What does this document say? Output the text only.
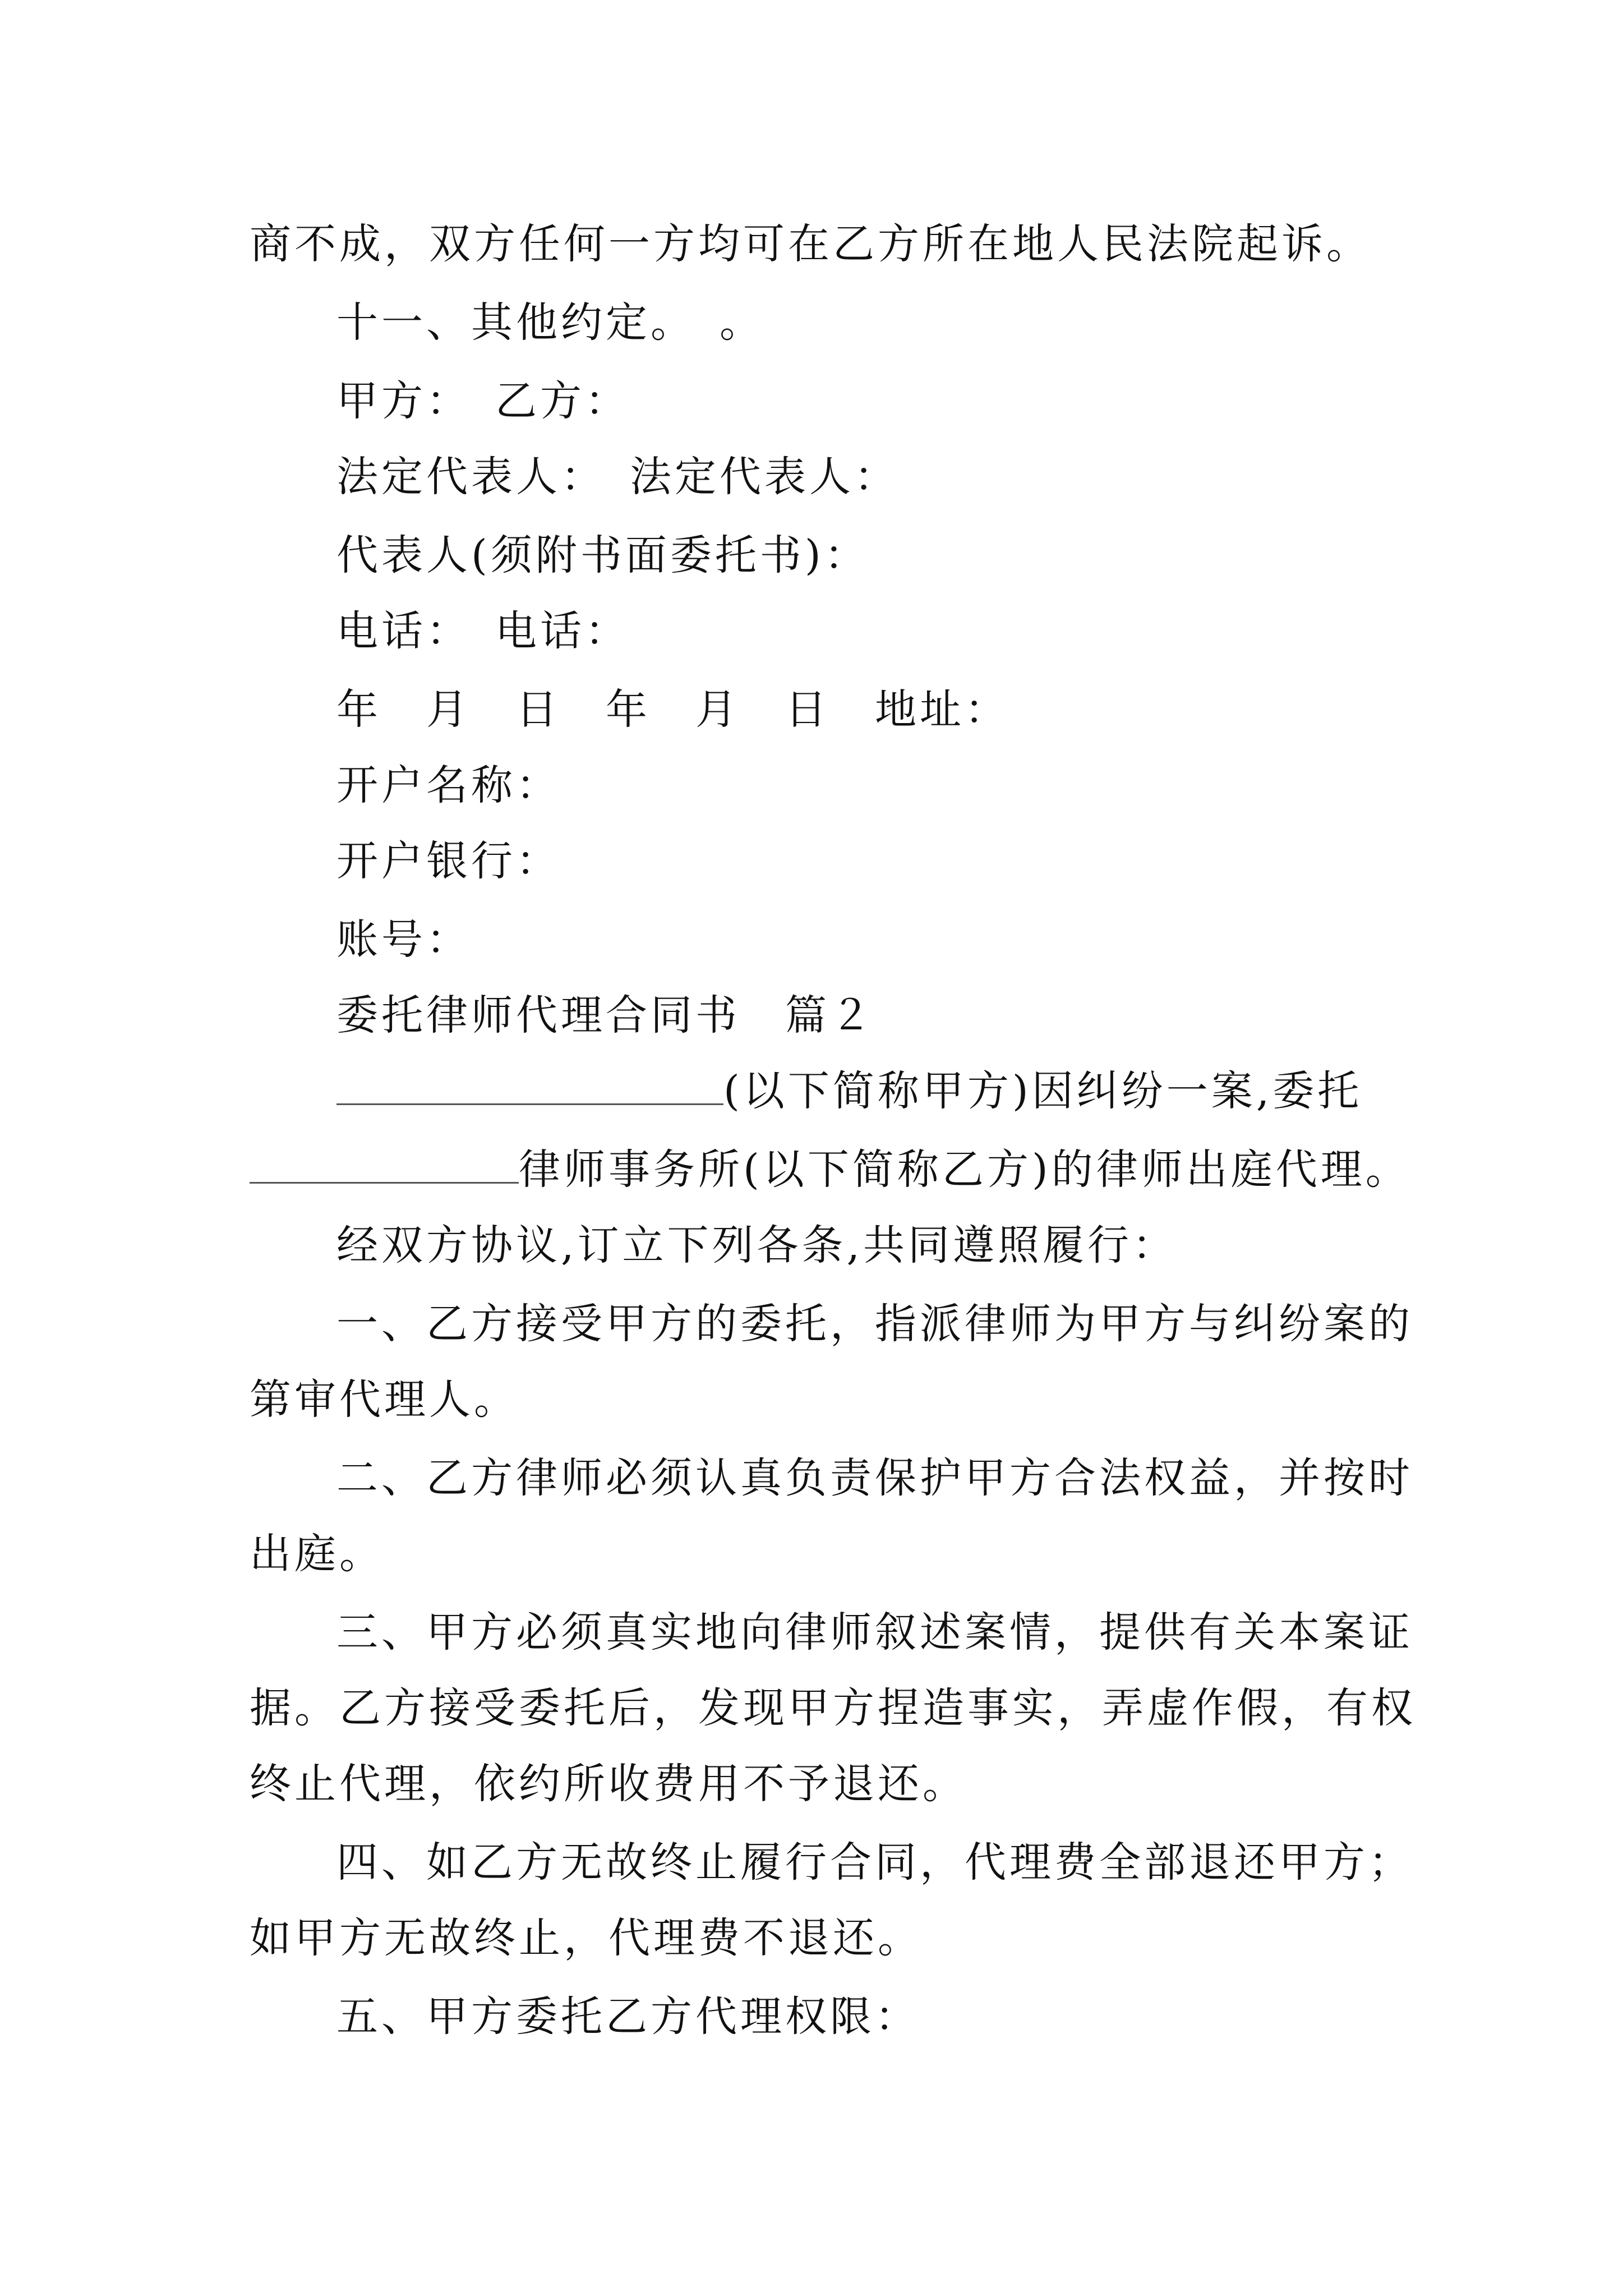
商不成，双方任何一方均可在乙方所在地人民法院起诉。
十一、其他约定。　。
甲方：　乙方：
法定代表人：　法定代表人：
代表人(须附书面委托书)：
电话：　电话：
年　月　日　年　月　日　地址：
开户名称：
开户银行：
账号：
委托律师代理合同书　篇２
(以下简称甲方)因纠纷一案,委托
律师事务所(以下简称乙方)的律师出庭代理。
经双方协议,订立下列各条,共同遵照履行：
一、乙方接受甲方的委托，指派律师为甲方与纠纷案的
第审代理人。
二、乙方律师必须认真负责保护甲方合法权益，并按时
出庭。
三、甲方必须真实地向律师叙述案情，提供有关本案证
据。乙方接受委托后，发现甲方捏造事实，弄虚作假，有权
终止代理，依约所收费用不予退还。
四、如乙方无故终止履行合同，代理费全部退还甲方；
如甲方无故终止，代理费不退还。
五、甲方委托乙方代理权限：
